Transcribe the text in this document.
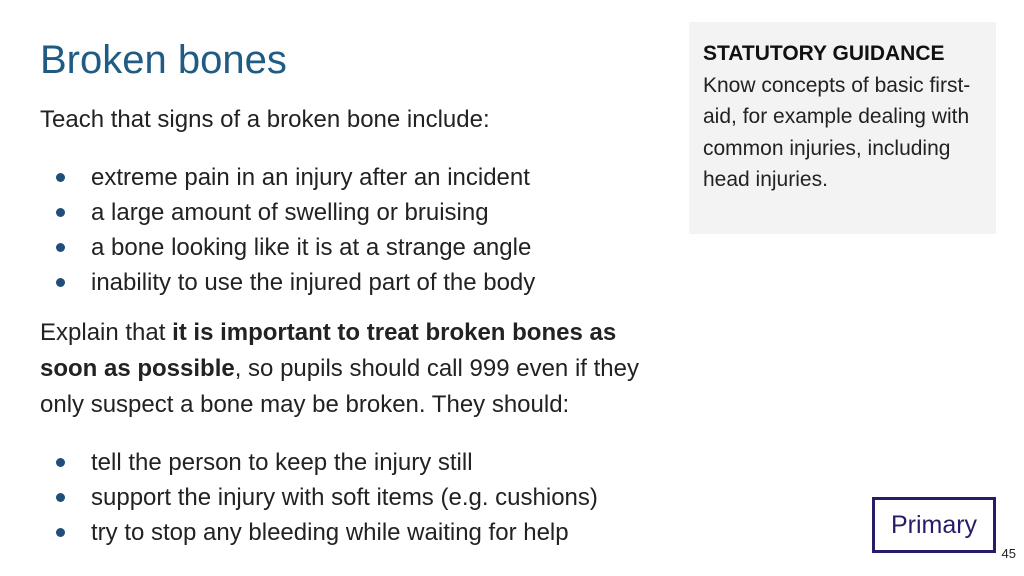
Broken bones

Teach that signs of a broken bone include:

extreme pain in an injury after an incident
a large amount of swelling or bruising
a bone looking like it is at a strange angle
inability to use the injured part of the body

Explain that it is important to treat broken bones as soon as possible, so pupils should call 999 even if they only suspect a bone may be broken. They should:

tell the person to keep the injury still
support the injury with soft items (e.g. cushions)
try to stop any bleeding while waiting for help
STATUTORY GUIDANCE
Know concepts of basic first-aid, for example dealing with common injuries, including head injuries.
Primary
45
